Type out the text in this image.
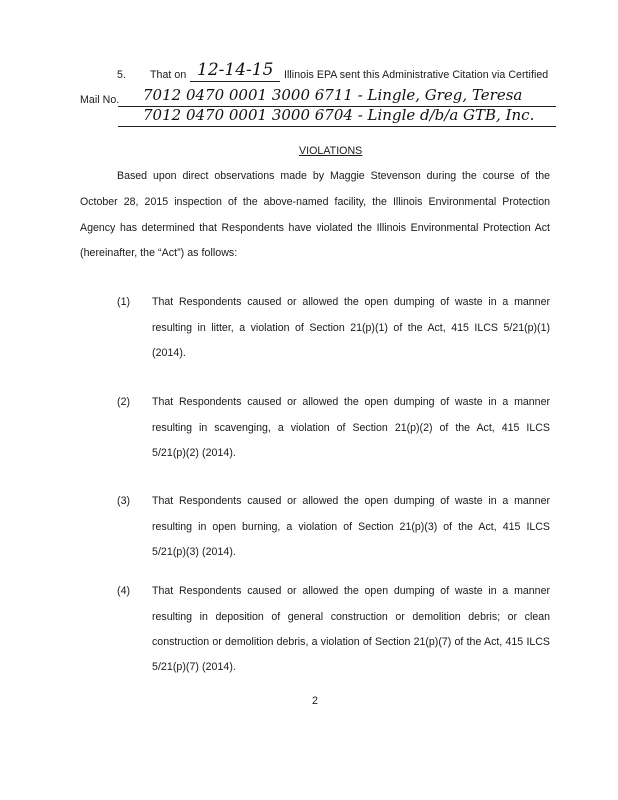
5. That on 12-14-15 Illinois EPA sent this Administrative Citation via Certified
Mail No. 7012 0470 0001 3000 6711 - Lingle, Greg, Teresa
7012 0470 0001 3000 6704 - Lingle d/b/a GTB, Inc.
VIOLATIONS
Based upon direct observations made by Maggie Stevenson during the course of the
October 28, 2015 inspection of the above-named facility, the Illinois Environmental Protection
Agency has determined that Respondents have violated the Illinois Environmental Protection Act
(hereinafter, the “Act”) as follows:
(1) That Respondents caused or allowed the open dumping of waste in a manner
resulting in litter, a violation of Section 21(p)(1) of the Act, 415 ILCS 5/21(p)(1)
(2014).
(2) That Respondents caused or allowed the open dumping of waste in a manner
resulting in scavenging, a violation of Section 21(p)(2) of the Act, 415 ILCS
5/21(p)(2) (2014).
(3) That Respondents caused or allowed the open dumping of waste in a manner
resulting in open burning, a violation of Section 21(p)(3) of the Act, 415 ILCS
5/21(p)(3) (2014).
(4) That Respondents caused or allowed the open dumping of waste in a manner
resulting in deposition of general construction or demolition debris; or clean
construction or demolition debris, a violation of Section 21(p)(7) of the Act, 415 ILCS
5/21(p)(7) (2014).
2
